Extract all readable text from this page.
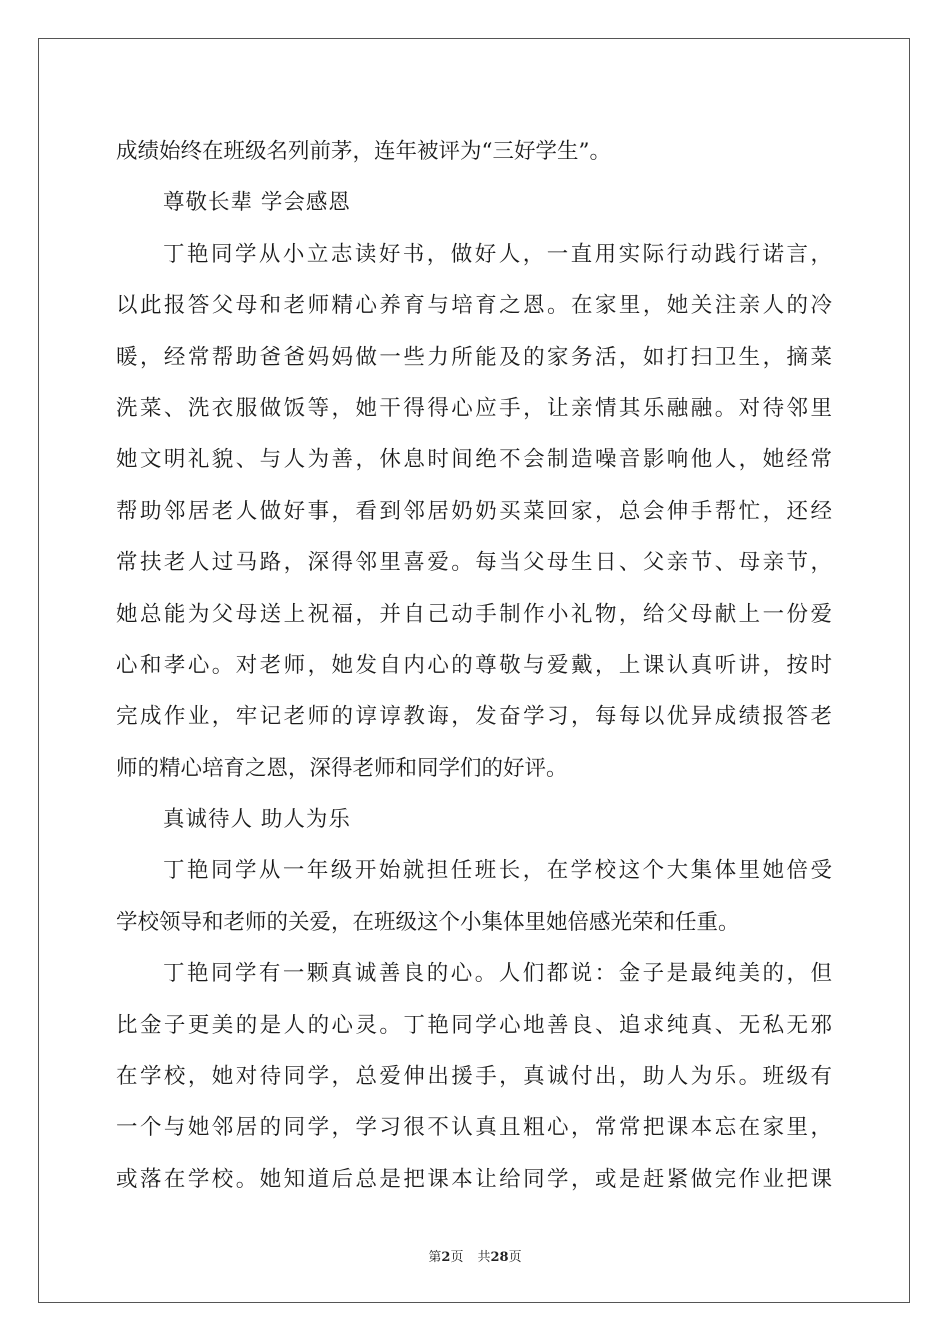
成绩始终在班级名列前茅，连年被评为“三好学生”。
尊敬长辈 学会感恩
丁艳同学从小立志读好书，做好人，一直用实际行动践行诺言，
以此报答父母和老师精心养育与培育之恩。在家里，她关注亲人的冷
暖，经常帮助爸爸妈妈做一些力所能及的家务活，如打扫卫生，摘菜
洗菜、洗衣服做饭等，她干得得心应手，让亲情其乐融融。对待邻里
她文明礼貌、与人为善，休息时间绝不会制造噪音影响他人，她经常
帮助邻居老人做好事，看到邻居奶奶买菜回家，总会伸手帮忙，还经
常扶老人过马路，深得邻里喜爱。每当父母生日、父亲节、母亲节，
她总能为父母送上祝福，并自己动手制作小礼物，给父母献上一份爱
心和孝心。对老师，她发自内心的尊敬与爱戴，上课认真听讲，按时
完成作业，牢记老师的谆谆教诲，发奋学习，每每以优异成绩报答老
师的精心培育之恩，深得老师和同学们的好评。
真诚待人 助人为乐
丁艳同学从一年级开始就担任班长，在学校这个大集体里她倍受
学校领导和老师的关爱，在班级这个小集体里她倍感光荣和任重。
丁艳同学有一颗真诚善良的心。人们都说：金子是最纯美的，但
比金子更美的是人的心灵。丁艳同学心地善良、追求纯真、无私无邪
在学校，她对待同学，总爱伸出援手，真诚付出，助人为乐。班级有
一个与她邻居的同学，学习很不认真且粗心，常常把课本忘在家里，
或落在学校。她知道后总是把课本让给同学，或是赶紧做完作业把课
第2页 共28页
